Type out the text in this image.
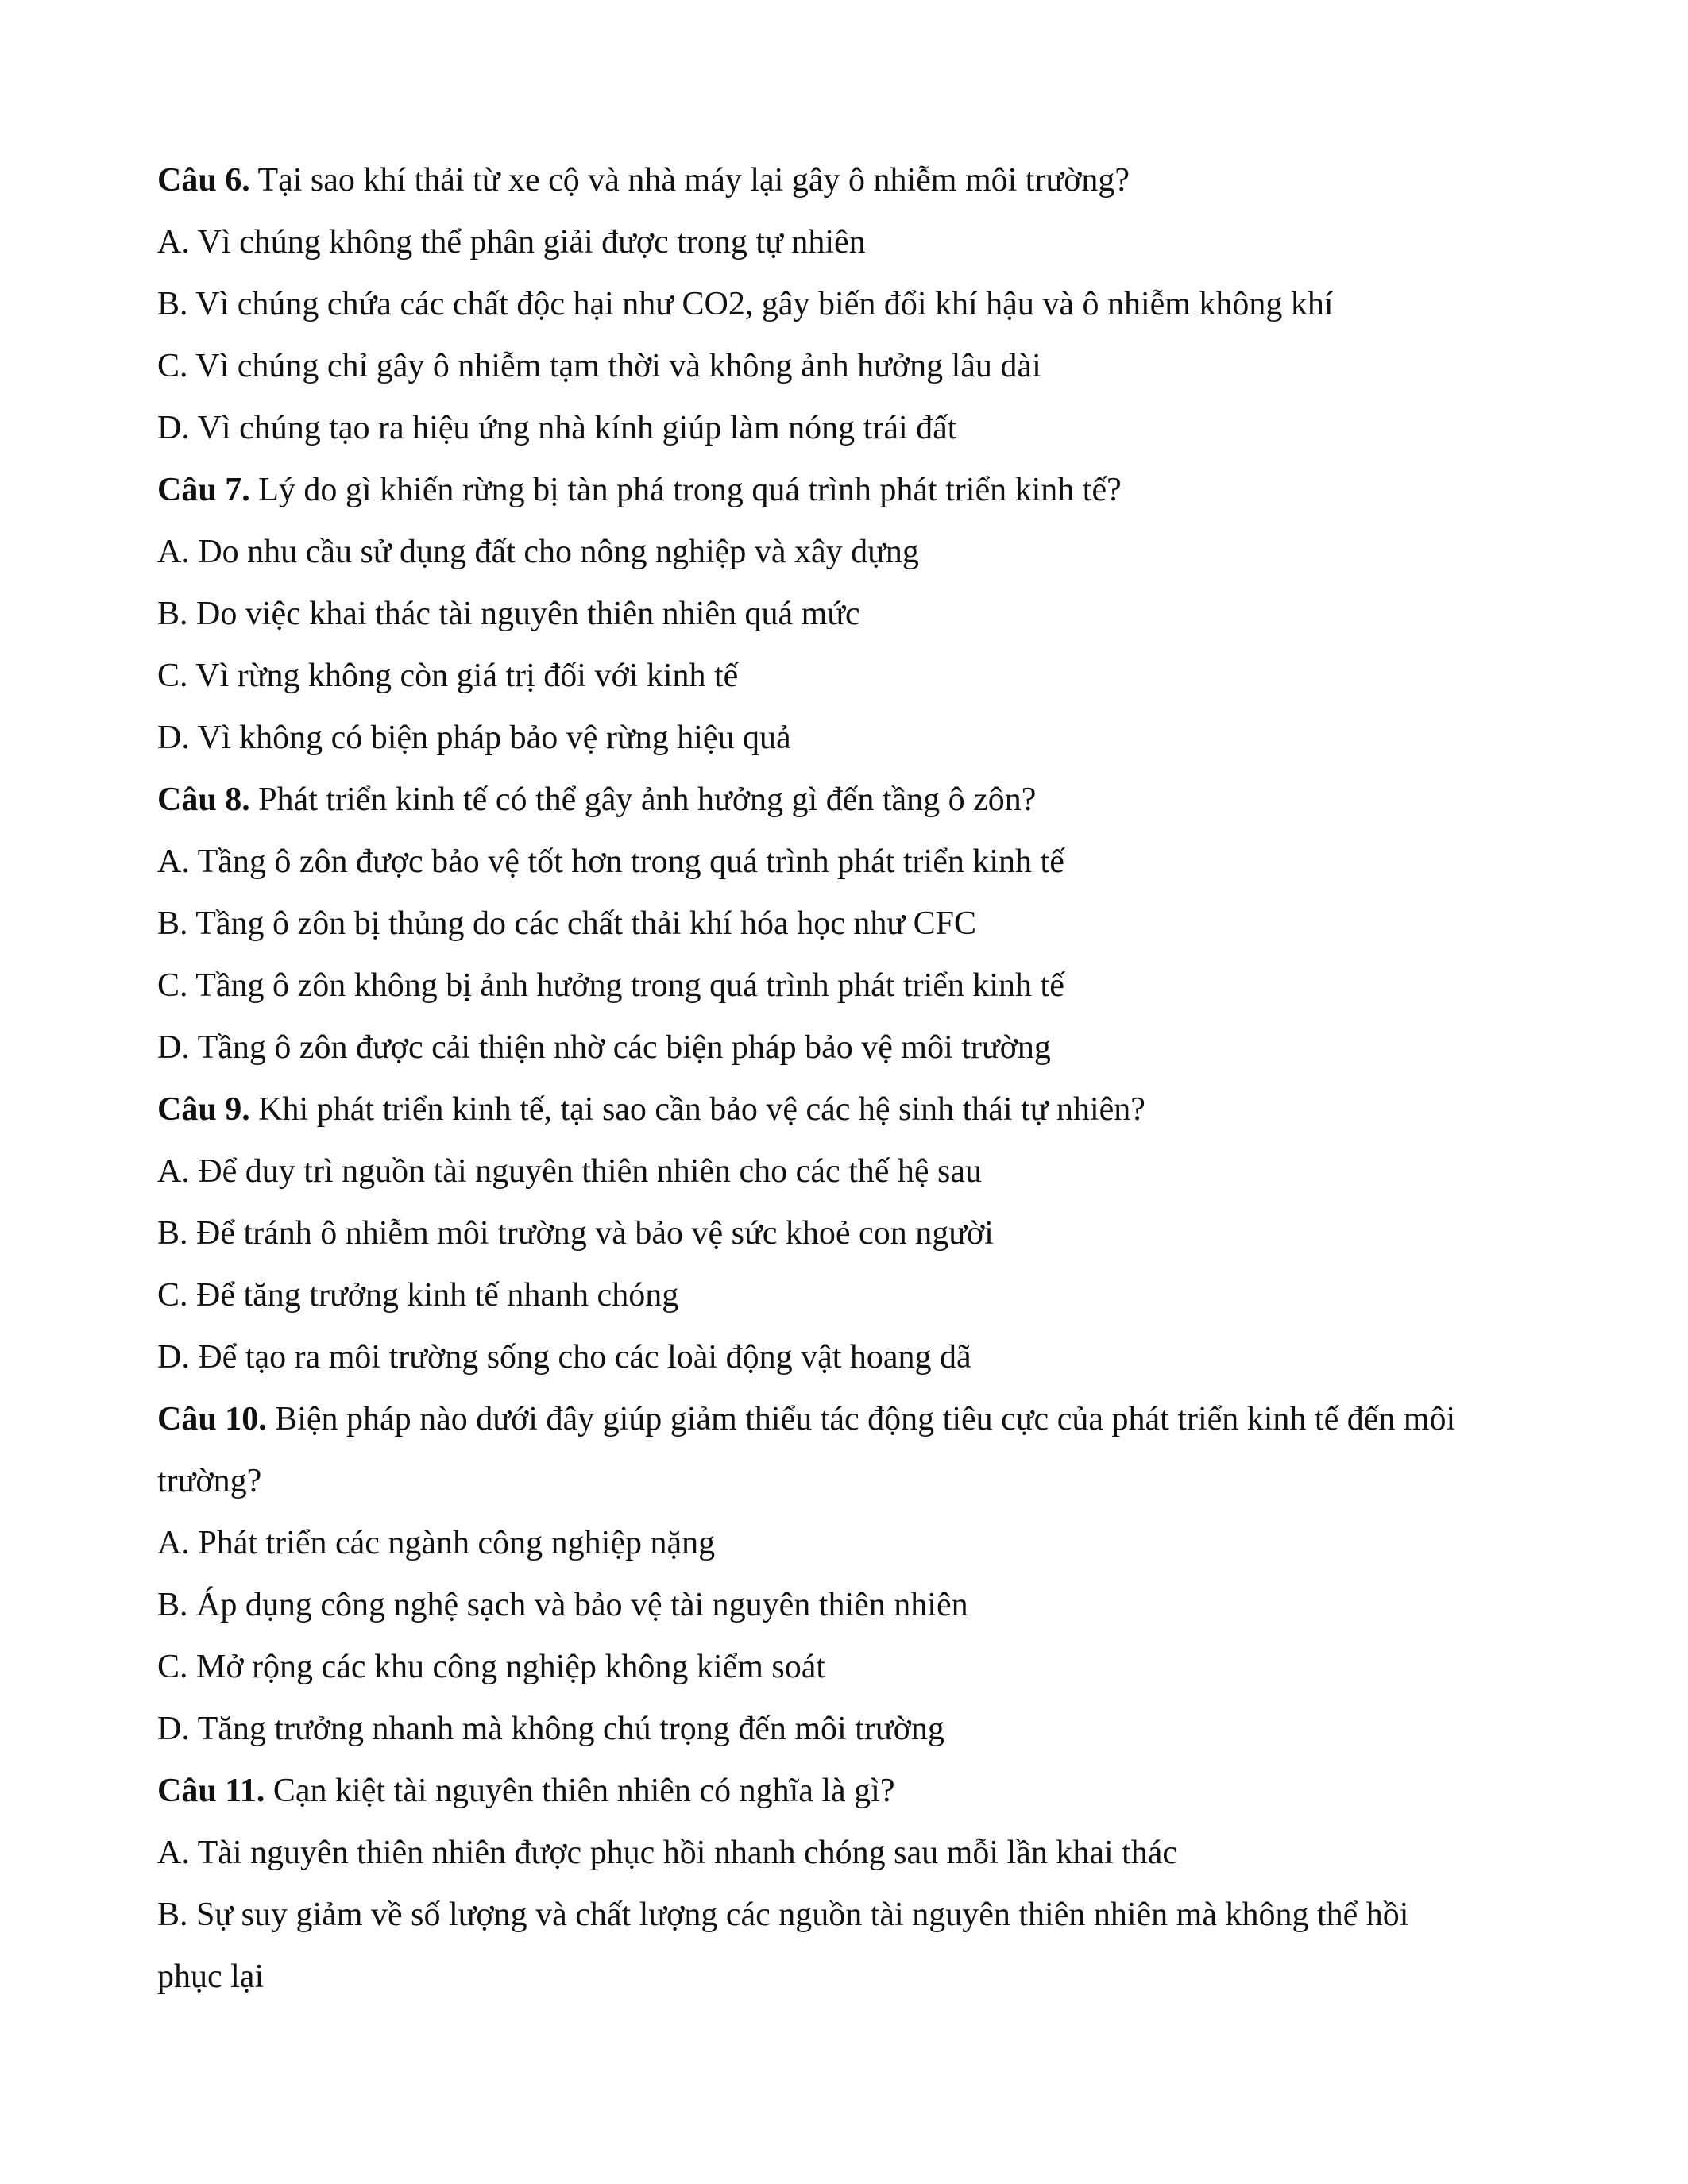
Câu 6. Tại sao khí thải từ xe cộ và nhà máy lại gây ô nhiễm môi trường?
A. Vì chúng không thể phân giải được trong tự nhiên
B. Vì chúng chứa các chất độc hại như CO2, gây biến đổi khí hậu và ô nhiễm không khí
C. Vì chúng chỉ gây ô nhiễm tạm thời và không ảnh hưởng lâu dài
D. Vì chúng tạo ra hiệu ứng nhà kính giúp làm nóng trái đất
Câu 7. Lý do gì khiến rừng bị tàn phá trong quá trình phát triển kinh tế?
A. Do nhu cầu sử dụng đất cho nông nghiệp và xây dựng
B. Do việc khai thác tài nguyên thiên nhiên quá mức
C. Vì rừng không còn giá trị đối với kinh tế
D. Vì không có biện pháp bảo vệ rừng hiệu quả
Câu 8. Phát triển kinh tế có thể gây ảnh hưởng gì đến tầng ô zôn?
A. Tầng ô zôn được bảo vệ tốt hơn trong quá trình phát triển kinh tế
B. Tầng ô zôn bị thủng do các chất thải khí hóa học như CFC
C. Tầng ô zôn không bị ảnh hưởng trong quá trình phát triển kinh tế
D. Tầng ô zôn được cải thiện nhờ các biện pháp bảo vệ môi trường
Câu 9. Khi phát triển kinh tế, tại sao cần bảo vệ các hệ sinh thái tự nhiên?
A. Để duy trì nguồn tài nguyên thiên nhiên cho các thế hệ sau
B. Để tránh ô nhiễm môi trường và bảo vệ sức khoẻ con người
C. Để tăng trưởng kinh tế nhanh chóng
D. Để tạo ra môi trường sống cho các loài động vật hoang dã
Câu 10. Biện pháp nào dưới đây giúp giảm thiểu tác động tiêu cực của phát triển kinh tế đến môi
trường?
A. Phát triển các ngành công nghiệp nặng
B. Áp dụng công nghệ sạch và bảo vệ tài nguyên thiên nhiên
C. Mở rộng các khu công nghiệp không kiểm soát
D. Tăng trưởng nhanh mà không chú trọng đến môi trường
Câu 11. Cạn kiệt tài nguyên thiên nhiên có nghĩa là gì?
A. Tài nguyên thiên nhiên được phục hồi nhanh chóng sau mỗi lần khai thác
B. Sự suy giảm về số lượng và chất lượng các nguồn tài nguyên thiên nhiên mà không thể hồi
phục lại
